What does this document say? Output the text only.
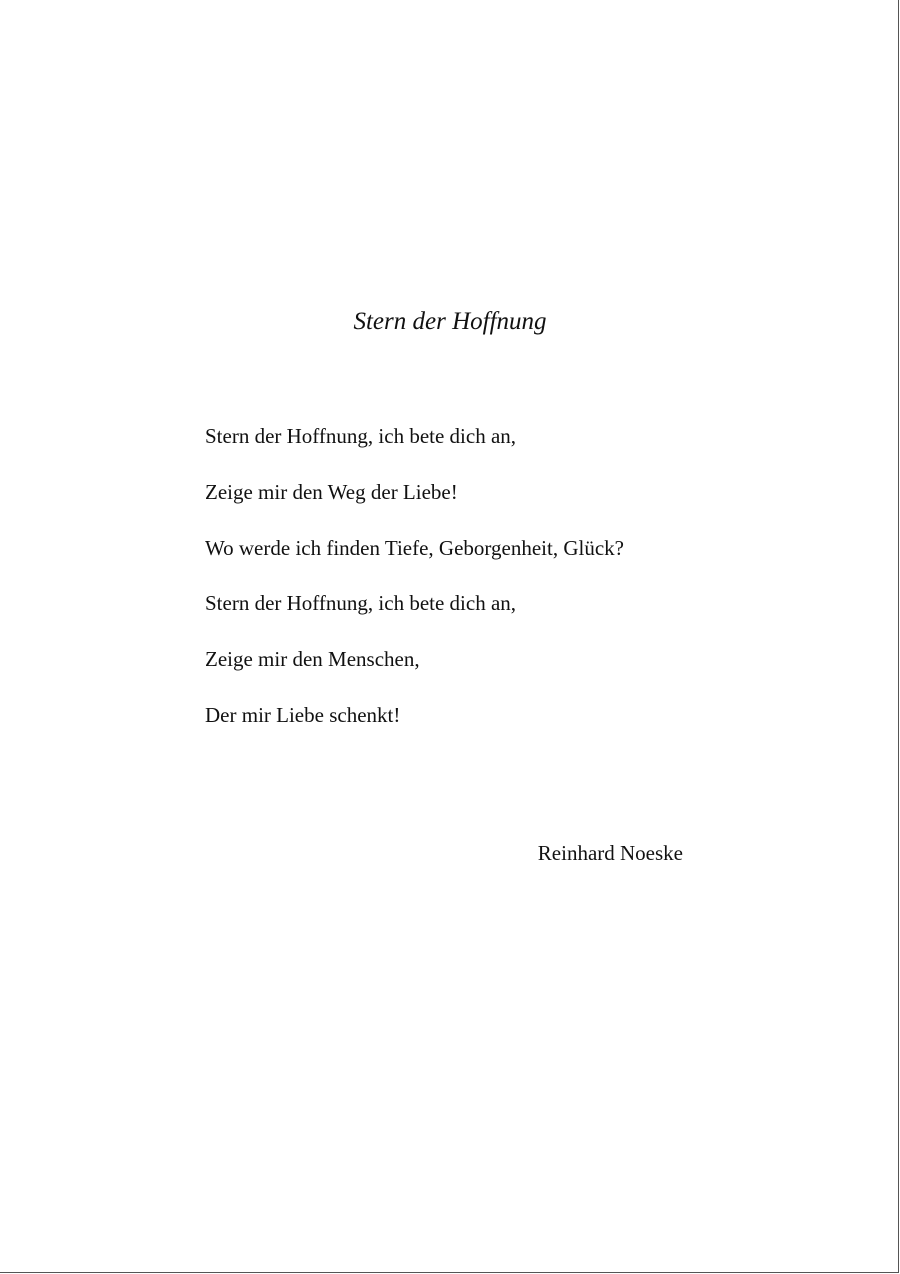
Stern der Hoffnung
Stern der Hoffnung, ich bete dich an,
Zeige mir den Weg der Liebe!
Wo werde ich finden Tiefe, Geborgenheit, Glück?
Stern der Hoffnung, ich bete dich an,
Zeige mir den Menschen,
Der mir Liebe schenkt!
Reinhard Noeske
